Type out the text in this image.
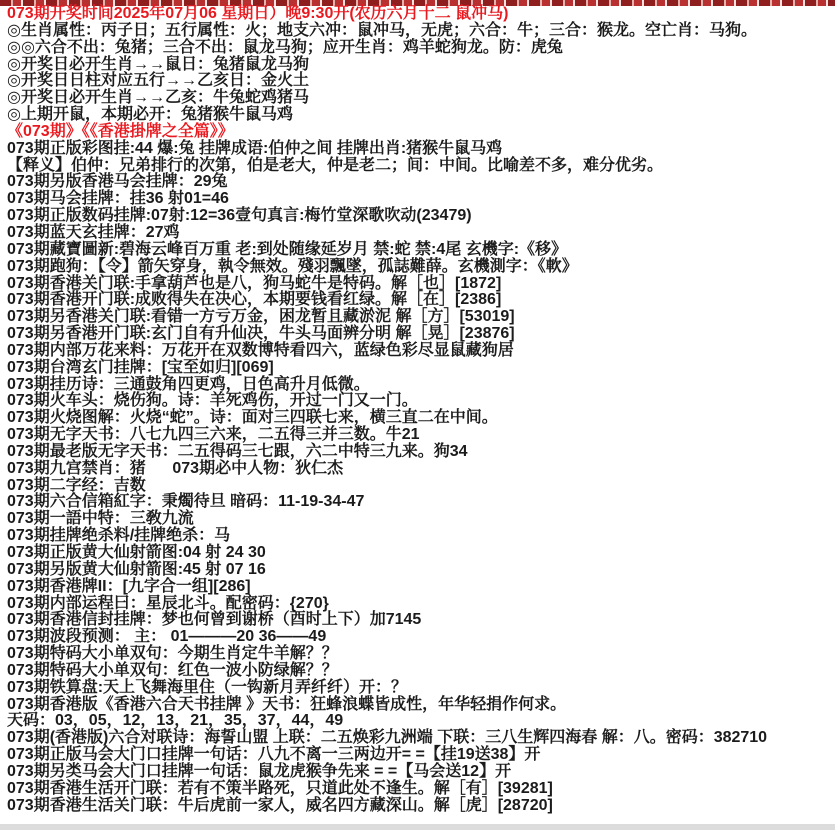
073期开奖时间2025年07月06 星期日）晚9:30开(农历六月十二 鼠冲马)
◎生肖属性：丙子日；五行属性：火；地支六冲：鼠冲马，无虎；六合：牛；三合：猴龙。空亡肖：马狗。
◎◎六合不出：兔猪；三合不出：鼠龙马狗；应开生肖：鸡羊蛇狗龙。防：虎兔
◎开奖日必开生肖→→鼠日：兔猪鼠龙马狗
◎开奖日日柱对应五行→→乙亥日：金火土
◎开奖日必开生肖→→乙亥：牛兔蛇鸡猪马
◎上期开鼠，本期必开：兔猪猴牛鼠马鸡
《073期》《《香港掛牌之全篇》》
073期正版彩图挂:44 爆:兔 挂牌成语:伯仲之间 挂牌出肖:猪猴牛鼠马鸡
【释义】伯仲：兄弟排行的次第，伯是老大，仲是老二；间：中间。比喻差不多，难分优劣。
073期另版香港马会挂牌：29兔
073期马会挂牌：挂36 射01=46
073期正版数码挂牌:07射:12=36壹句真言:梅竹堂深歌吹动(23479)
073期蓝天玄挂牌：27鸡
073期藏寶圖新:碧海云峰百万重 老:到处随缘延岁月 禁:蛇 禁:4尾 玄機字:《移》
073期跑狗：【令】箭矢穿身，執令無效。殘羽飄墜，孤誌難薛。玄機測字：《軟》
073期香港关门联:手拿葫芦也是八，狗马蛇牛是特码。解［也］[1872]
073期香港开门联:成败得失在决心，本期要钱看红绿。解［在］[2386]
073期另香港关门联:看错一方亏万金，困龙暂且藏淤泥 解［方］[53019]
073期另香港开门联:玄门自有升仙决，牛头马面辨分明 解［晃］[23876]
073期内部万花来料：万花开在双数博特看四六，蓝绿色彩尽显鼠藏狗居
073期台湾玄门挂牌：[宝至如归][069]
073期挂历诗：三通鼓角四更鸡，日色高升月低微。
073期火车头：烧伤狗。诗：羊死鸡伤，开过一门又一门。
073期火烧图解：火烧“蛇”。诗：面对三四联七来，横三直二在中间。
073期无字天书：八七九四三六来，二五得三并三数。牛21
073期最老版无字天书：二五得码三七跟，六二中特三九来。狗34
073期九宫禁肖：猪      073期必中人物：狄仁杰
073期二字经：吉数
073期六合信箱紅字：秉燭待旦 暗码：11-19-34-47
073期一語中特：三敎九流
073期挂牌绝杀料/挂牌绝杀：马
073期正版黄大仙射箭图:04 射 24 30
073期另版黄大仙射箭图:45 射 07 16
073期香港牌II：[九字合一组][286]
073期内部运程曰：星辰北斗。配密码：{270}
073期香港信封挂牌：梦也何曾到谢桥（酉时上下）加7145
073期波段预测： 主： 01———20 36——49
073期特码大小单双句：今期生肖定牛羊解？？
073期特码大小单双句：红色一波小防绿解？？
073期铁算盘:天上飞舞海里住（一钩新月弄纤纤）开：？
073期香港版《香港六合天书挂牌 》天书：狂蜂浪蝶皆成性，年华轻捐作何求。
天码：03，05，12，13，21，35，37，44，49
073期(香港版)六合对联诗：海誓山盟 上联：二五焕彩九洲端 下联：三八生辉四海春 解：八。密码：382710
073期正版马会大门口挂牌一句话：八九不离一三两边开= =【挂19送38】开
073期另类马会大门口挂牌一句话：鼠龙虎猴争先来 = =【马会送12】开
073期香港生活开门联：若有不策半路死，只道此处不逢生。解［有］[39281]
073期香港生活关门联：牛后虎前一家人，威名四方藏深山。解［虎］[28720]
